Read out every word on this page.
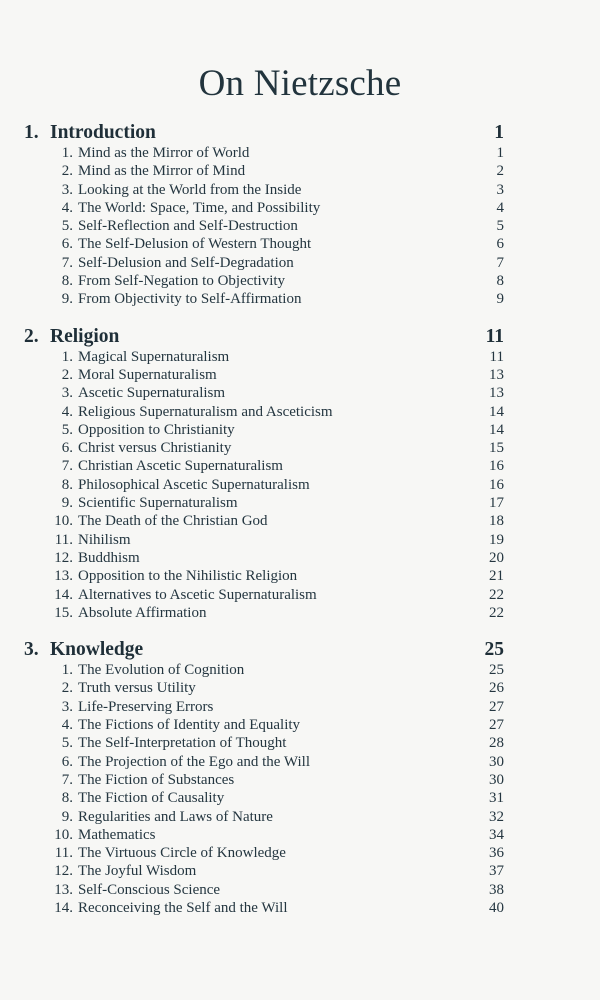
On Nietzsche
1. Introduction	1
1. Mind as the Mirror of World	1
2. Mind as the Mirror of Mind	2
3. Looking at the World from the Inside	3
4. The World: Space, Time, and Possibility	4
5. Self-Reflection and Self-Destruction	5
6. The Self-Delusion of Western Thought	6
7. Self-Delusion and Self-Degradation	7
8. From Self-Negation to Objectivity	8
9. From Objectivity to Self-Affirmation	9
2. Religion	11
1. Magical Supernaturalism	11
2. Moral Supernaturalism	13
3. Ascetic Supernaturalism	13
4. Religious Supernaturalism and Asceticism	14
5. Opposition to Christianity	14
6. Christ versus Christianity	15
7. Christian Ascetic Supernaturalism	16
8. Philosophical Ascetic Supernaturalism	16
9. Scientific Supernaturalism	17
10. The Death of the Christian God	18
11. Nihilism	19
12. Buddhism	20
13. Opposition to the Nihilistic Religion	21
14. Alternatives to Ascetic Supernaturalism	22
15. Absolute Affirmation	22
3. Knowledge	25
1. The Evolution of Cognition	25
2. Truth versus Utility	26
3. Life-Preserving Errors	27
4. The Fictions of Identity and Equality	27
5. The Self-Interpretation of Thought	28
6. The Projection of the Ego and the Will	30
7. The Fiction of Substances	30
8. The Fiction of Causality	31
9. Regularities and Laws of Nature	32
10. Mathematics	34
11. The Virtuous Circle of Knowledge	36
12. The Joyful Wisdom	37
13. Self-Conscious Science	38
14. Reconceiving the Self and the Will	40
